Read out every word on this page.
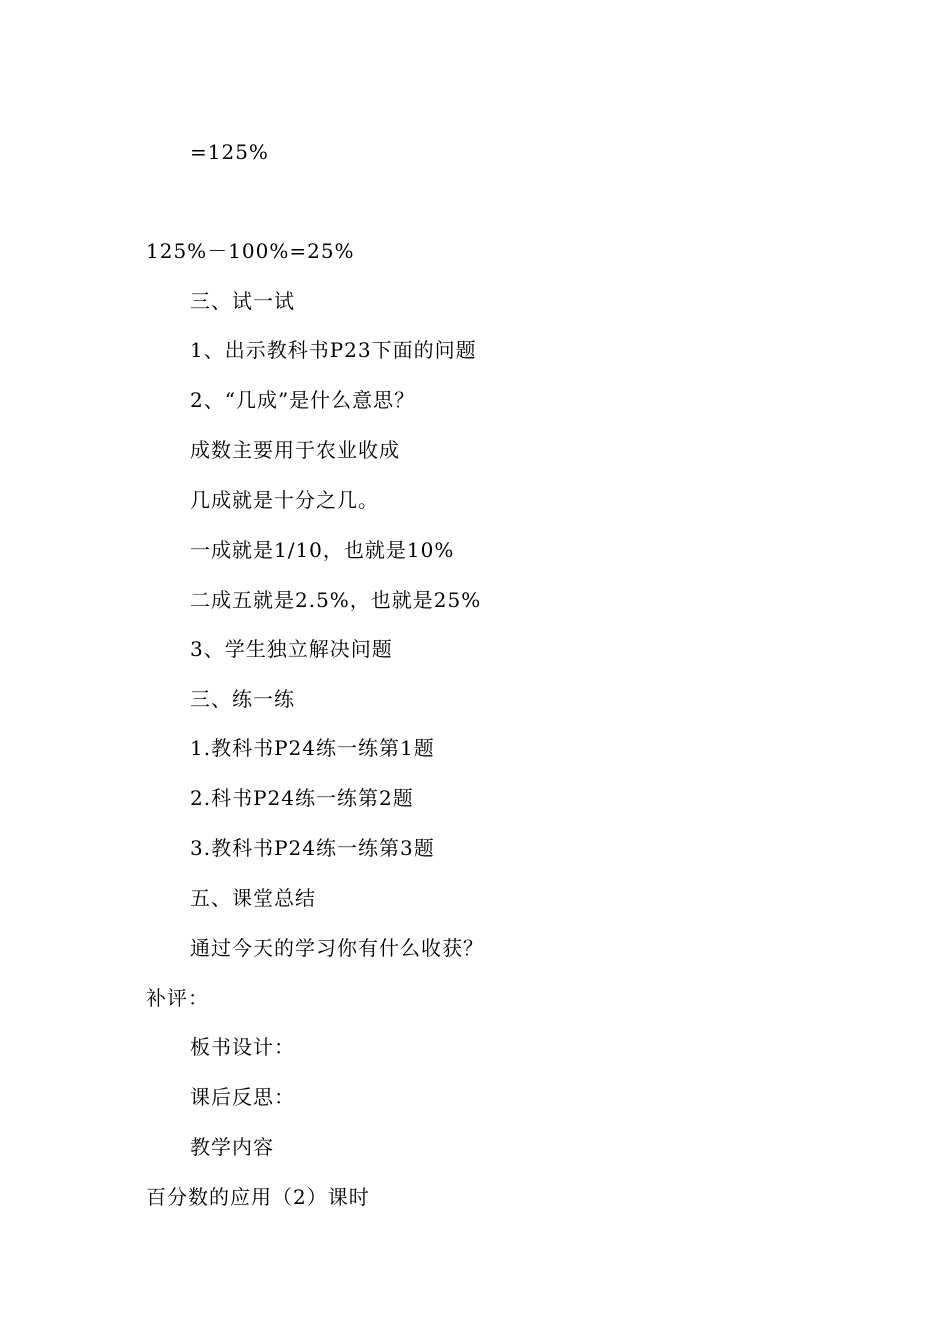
=125%
125%－100%=25%
三、试一试
1、出示教科书P23下面的问题
2、“几成”是什么意思？
成数主要用于农业收成
几成就是十分之几。
一成就是1/10，也就是10%
二成五就是2.5%，也就是25%
3、学生独立解决问题
三、练一练
1.教科书P24练一练第1题
2.科书P24练一练第2题
3.教科书P24练一练第3题
五、课堂总结
通过今天的学习你有什么收获？
补评：
板书设计：
课后反思：
教学内容
百分数的应用（2）课时
